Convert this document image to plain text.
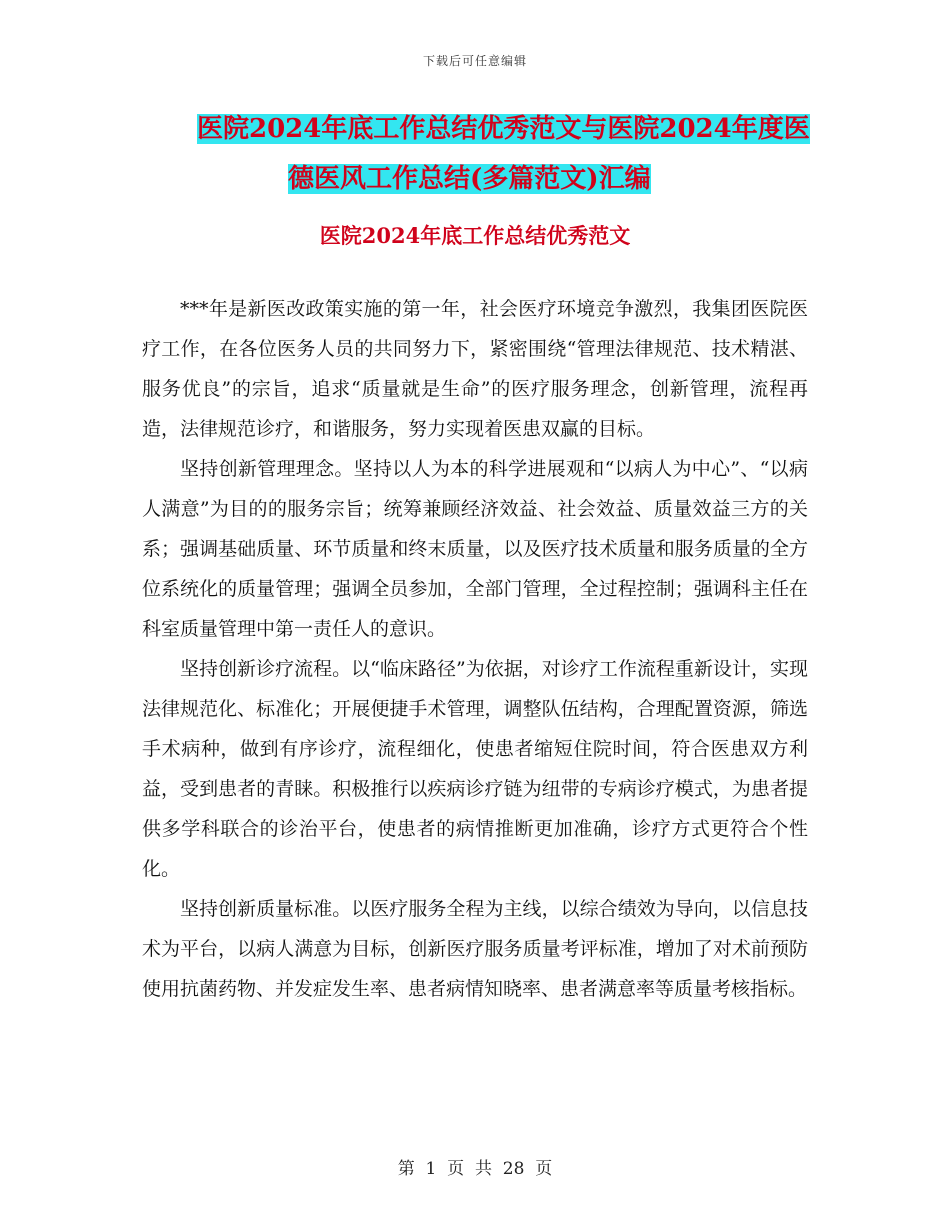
下载后可任意编辑
医院2024年底工作总结优秀范文与医院2024年度医
德医风工作总结(多篇范文)汇编
医院2024年底工作总结优秀范文

***年是新医改政策实施的第一年，社会医疗环境竞争激烈，我集团医院医疗工作，在各位医务人员的共同努力下，紧密围绕“管理法律规范、技术精湛、服务优良”的宗旨，追求“质量就是生命”的医疗服务理念，创新管理，流程再造，法律规范诊疗，和谐服务，努力实现着医患双赢的目标。

坚持创新管理理念。坚持以人为本的科学进展观和“以病人为中心”、“以病人满意”为目的的服务宗旨；统筹兼顾经济效益、社会效益、质量效益三方的关系；强调基础质量、环节质量和终末质量，以及医疗技术质量和服务质量的全方位系统化的质量管理；强调全员参加，全部门管理，全过程控制；强调科主任在科室质量管理中第一责任人的意识。

坚持创新诊疗流程。以“临床路径”为依据，对诊疗工作流程重新设计，实现法律规范化、标准化；开展便捷手术管理，调整队伍结构，合理配置资源，筛选手术病种，做到有序诊疗，流程细化，使患者缩短住院时间，符合医患双方利益，受到患者的青睐。积极推行以疾病诊疗链为纽带的专病诊疗模式，为患者提供多学科联合的诊治平台，使患者的病情推断更加准确，诊疗方式更符合个性化。

坚持创新质量标准。以医疗服务全程为主线，以综合绩效为导向，以信息技术为平台，以病人满意为目标，创新医疗服务质量考评标准，增加了对术前预防使用抗菌药物、并发症发生率、患者病情知晓率、患者满意率等质量考核指标。

第  1  页  共  28  页
